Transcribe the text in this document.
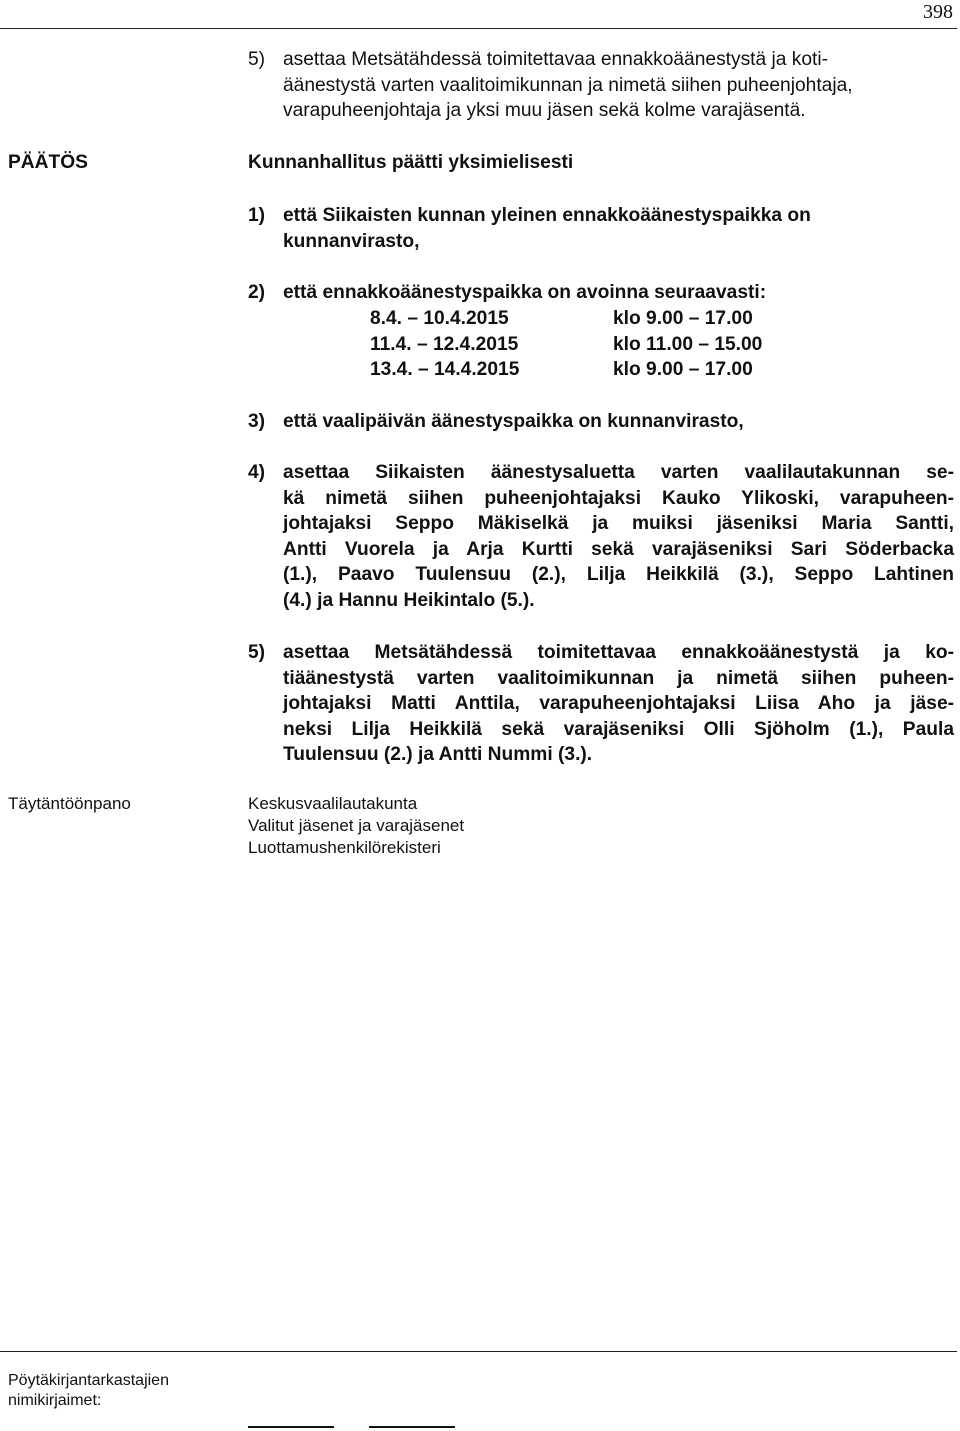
398
5) asettaa Metsätähdessä toimitettavaa ennakkoäänestystä ja koti-
äänestystä varten vaalitoimikunnan ja nimetä siihen puheenjohtaja,
varapuheenjohtaja ja yksi muu jäsen sekä kolme varajäsentä.
PÄÄTÖS	Kunnanhallitus päätti yksimielisesti
1) että Siikaisten kunnan yleinen ennakkoäänestyspaikka on
kunnanvirasto,
2) että ennakkoäänestyspaikka on avoinna seuraavasti:
8.4. – 10.4.2015	klo 9.00 – 17.00
11.4. – 12.4.2015	klo 11.00 – 15.00
13.4. – 14.4.2015	klo 9.00 – 17.00
3) että vaalipäivän äänestyspaikka on kunnanvirasto,
4) asettaa Siikaisten äänestysaluetta varten vaalilautakunnan se-
kä nimetä siihen puheenjohtajaksi Kauko Ylikoski, varapuheen-
johtajaksi Seppo Mäkiselkä ja muiksi jäseniksi Maria Santti,
Antti Vuorela ja Arja Kurtti sekä varajäseniksi Sari Söderbacka
(1.), Paavo Tuulensuu (2.), Lilja Heikkilä (3.), Seppo Lahtinen
(4.) ja Hannu Heikintalo (5.).
5) asettaa Metsätähdessä toimitettavaa ennakkoäänestystä ja ko-
tiäänestystä varten vaalitoimikunnan ja nimetä siihen puheen-
johtajaksi Matti Anttila, varapuheenjohtajaksi Liisa Aho ja jäse-
neksi Lilja Heikkilä sekä varajäseniksi Olli Sjöholm (1.), Paula
Tuulensuu (2.) ja Antti Nummi (3.).
Täytäntöönpano	Keskusvaalilautakunta
Valitut jäsenet ja varajäsenet
Luottamushenkilörekisteri
Pöytäkirjantarkastajien
nimikirjaimet:
